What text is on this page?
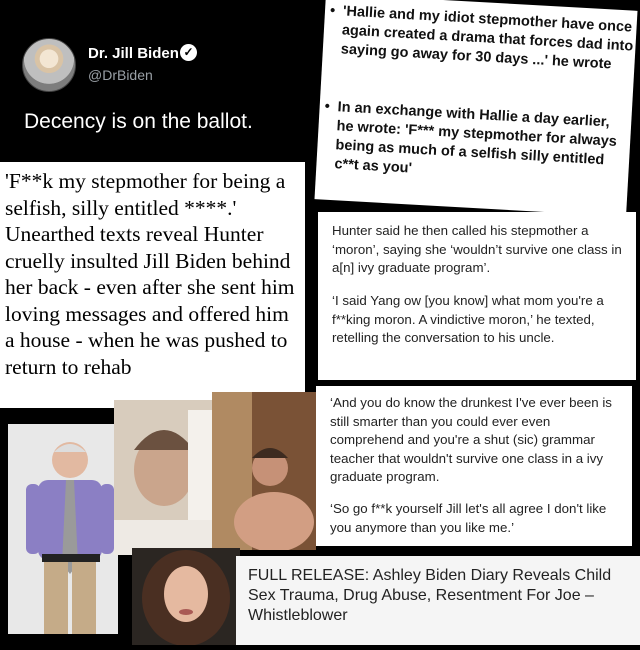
Dr. Jill Biden ✓
@DrBiden
Decency is on the ballot.
• 'Hallie and my idiot stepmother have once again created a drama that forces dad into saying go away for 30 days ...' he wrote
• In an exchange with Hallie a day earlier, he wrote: 'F*** my stepmother for always being as much of a selfish silly entitled c**t as you'
'F**k my stepmother for being a selfish, silly entitled ****.' Unearthed texts reveal Hunter cruelly insulted Jill Biden behind her back - even after she sent him loving messages and offered him a house - when he was pushed to return to rehab
Hunter said he then called his stepmother a ‘moron’, saying she ‘wouldn’t survive one class in a[n] ivy graduate program’.
‘I said Yang ow [you know] what mom you're a f**king moron. A vindictive moron,’ he texted, retelling the conversation to his uncle.
‘And you do know the drunkest I've ever been is still smarter than you could ever even comprehend and you're a shut (sic) grammar teacher that wouldn't survive one class in a ivy graduate program.
‘So go f**k yourself Jill let's all agree I don't like you anymore than you like me.’
FULL RELEASE: Ashley Biden Diary Reveals Child Sex Trauma, Drug Abuse, Resentment For Joe – Whistleblower
